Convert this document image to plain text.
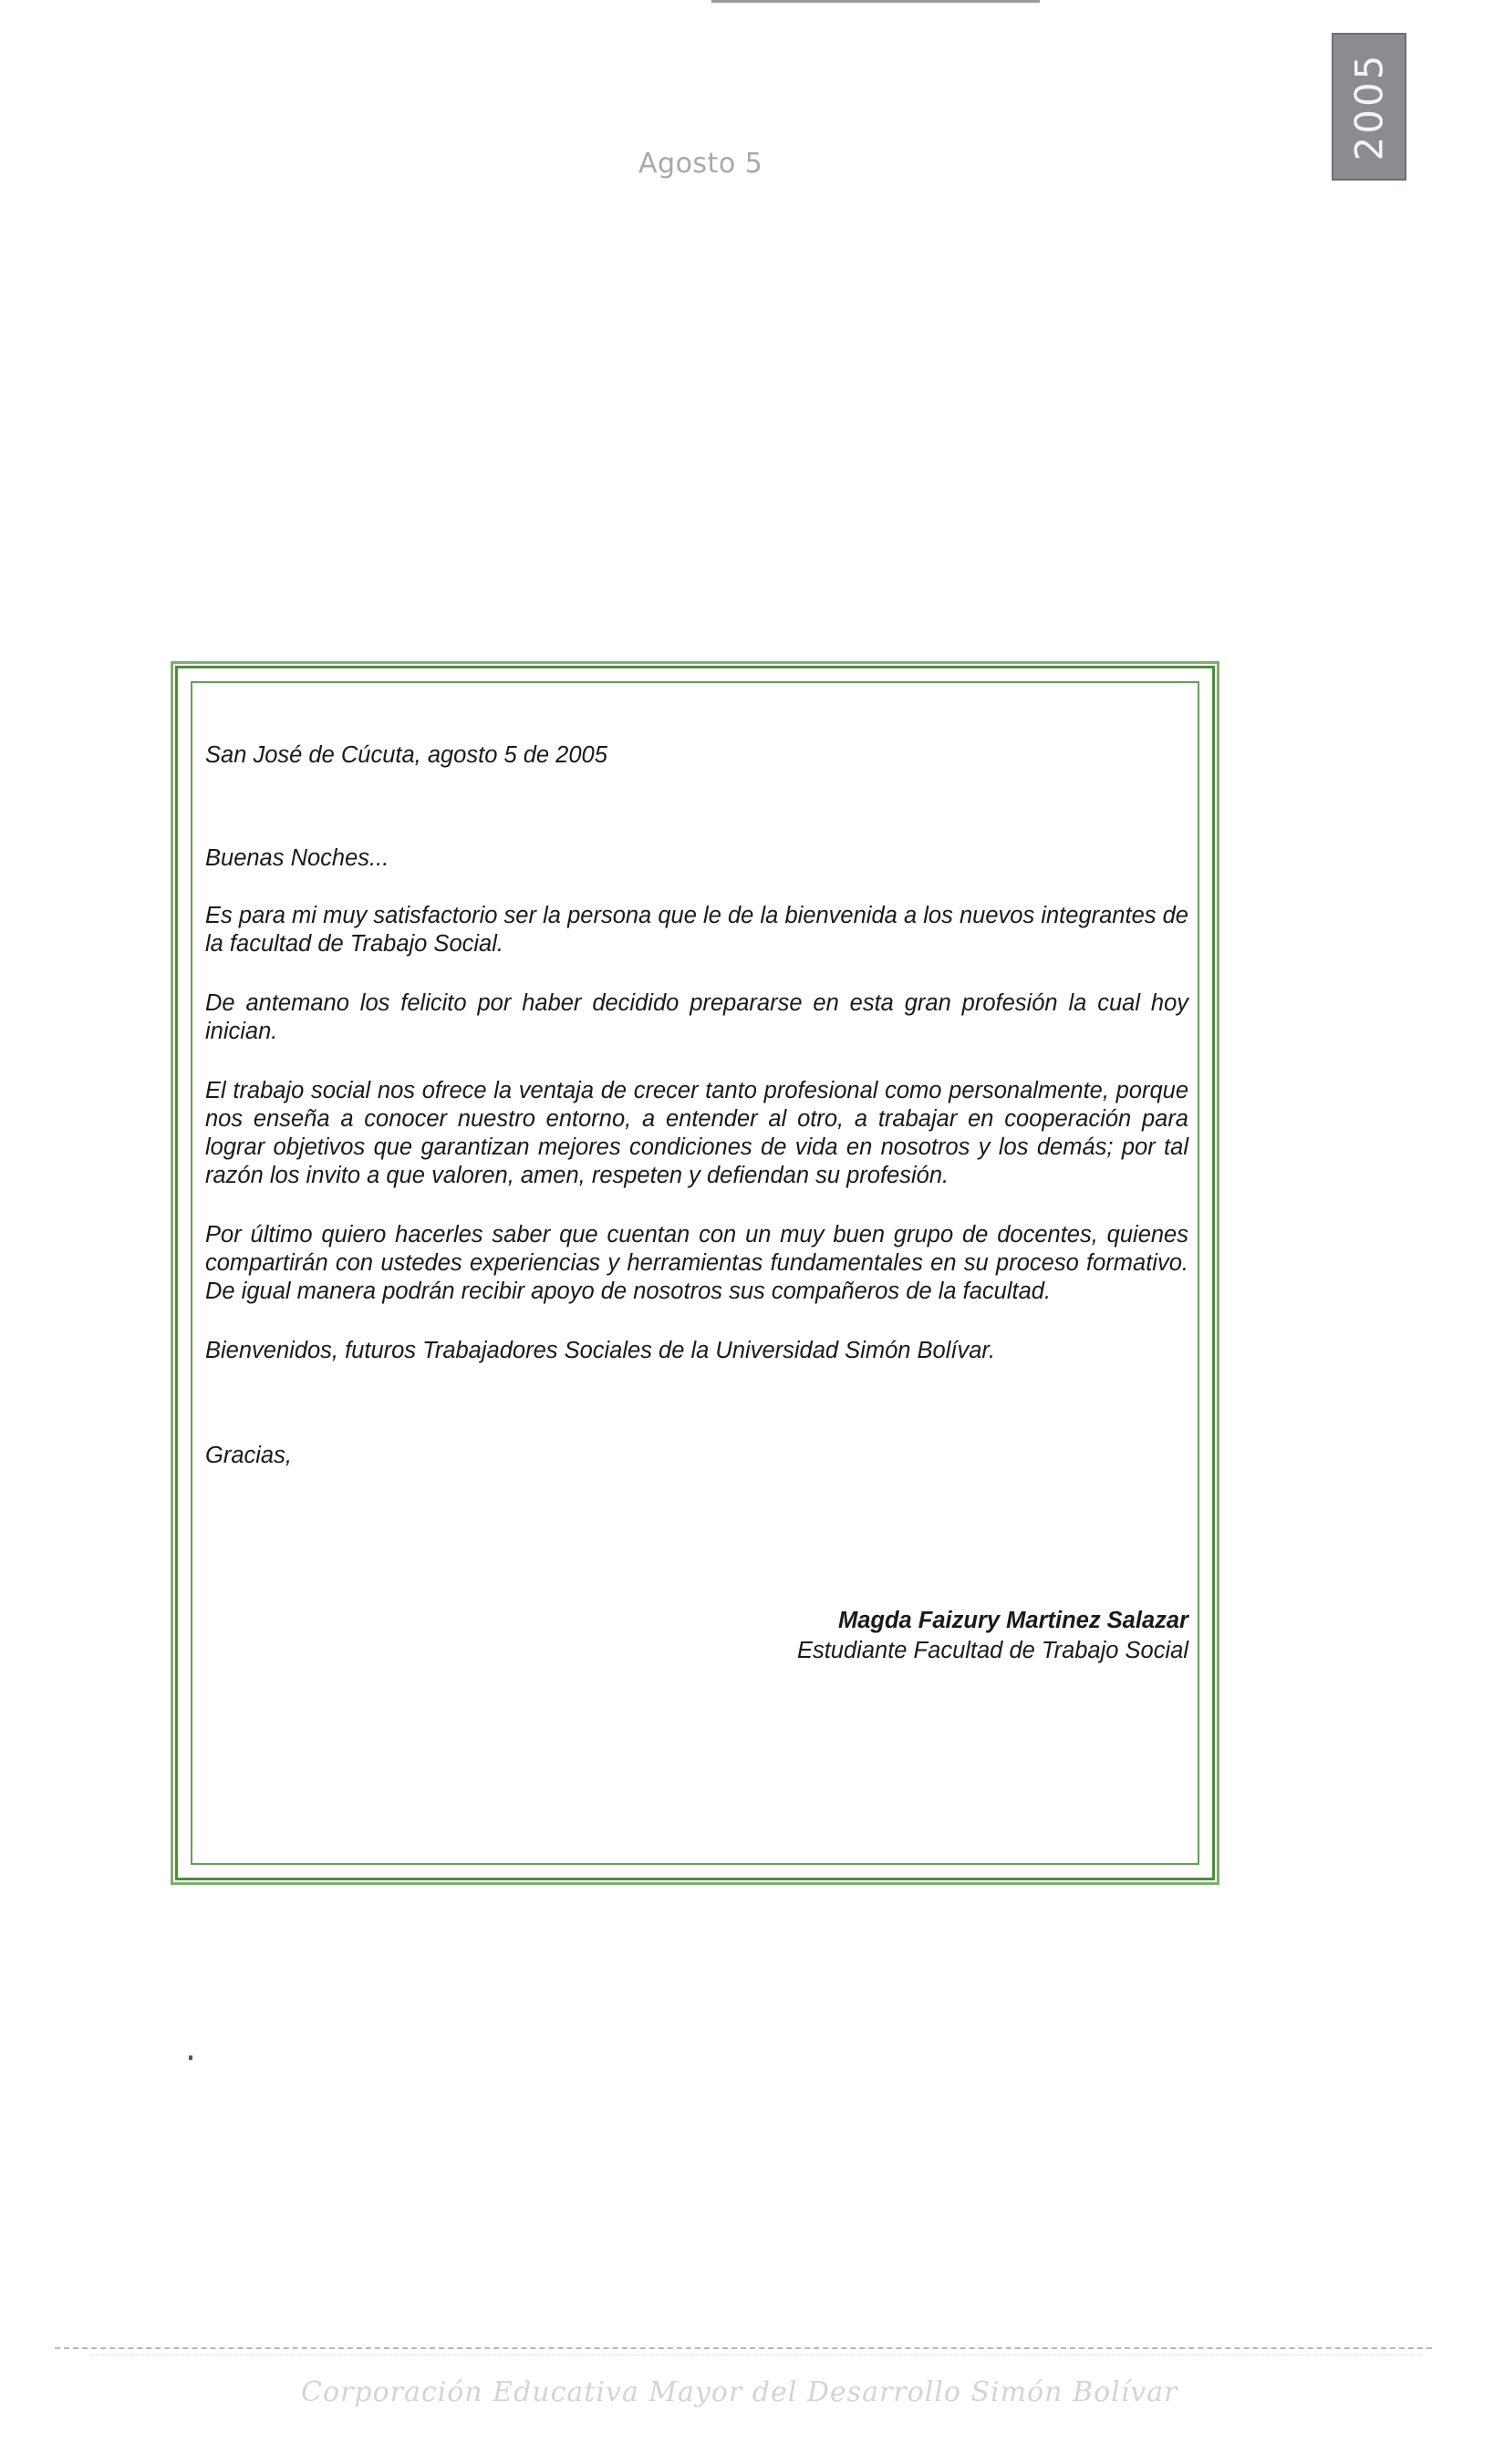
Agosto 5
2005

San José de Cúcuta, agosto 5 de 2005

Buenas Noches...

Es para mi muy satisfactorio ser la persona que le de la bienvenida a los nuevos integrantes de la facultad de Trabajo Social.

De antemano los felicito por haber decidido prepararse en esta gran profesión la cual hoy inician.

El trabajo social nos ofrece la ventaja de crecer tanto profesional como personalmente, porque nos enseña a conocer nuestro entorno, a entender al otro, a trabajar en cooperación para lograr objetivos que garantizan mejores condiciones de vida en nosotros y los demás; por tal razón los invito a que valoren, amen, respeten y defiendan su profesión.

Por último quiero hacerles saber que cuentan con un muy buen grupo de docentes, quienes compartirán con ustedes experiencias y herramientas fundamentales en su proceso formativo. De igual manera podrán recibir apoyo de nosotros sus compañeros de la facultad.

Bienvenidos, futuros Trabajadores Sociales de la Universidad Simón Bolívar.

Gracias,

Magda Faizury Martinez Salazar

Estudiante Facultad de Trabajo Social

Corporación Educativa Mayor del Desarrollo Simón Bolívar
